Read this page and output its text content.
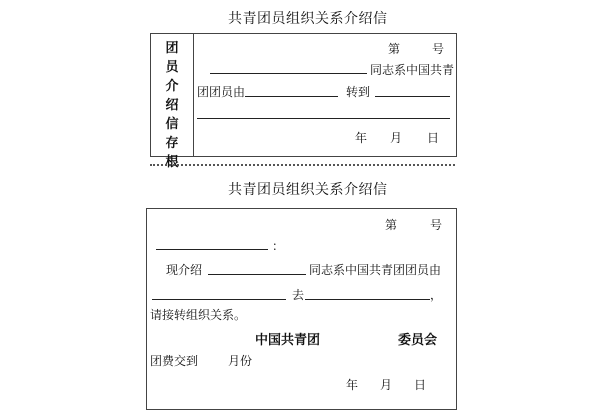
共青团员组织关系介绍信
团
员
介
绍
信
存
根
第	号
同志系中国共青
团团员由	转到
年 月 日
共青团员组织关系介绍信
第	号
：
现介绍	同志系中国共青团团员由
去	，
请接转组织关系。
中国共青团	委员会
团费交到 月份
年 月 日
